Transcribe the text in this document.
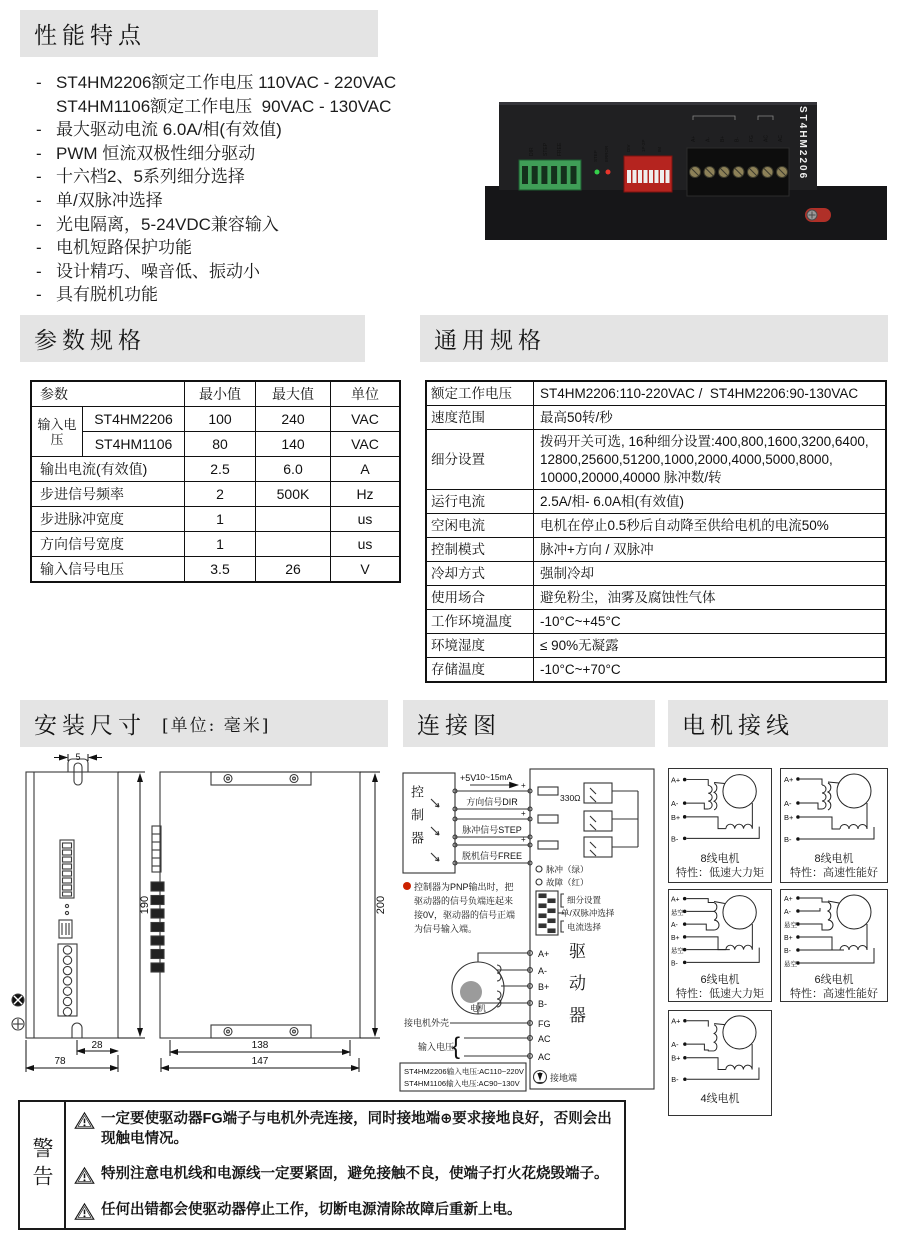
性能特点
- ST4HM2206额定工作电压 110VAC - 220VAC
ST4HM1106额定工作电压  90VAC - 130VAC
- 最大驱动电流 6.0A/相(有效值)
- PWM 恒流双极性细分驱动
- 十六档2、5系列细分选择
- 单/双脉冲选择
- 光电隔离，5-24VDC兼容输入
- 电机短路保护功能
- 设计精巧、噪音低、振动小
- 具有脱机功能
DIR STEP FREE
STEP ERROR	DIV 1P-2P IM
A+ A- B+ B- FG AC AC ST4HM2206
参数规格	通用规格
参数		最小值	最大值	单位
输入电压	ST4HM2206	100	240	VAC
	ST4HM1106	80	140	VAC
输出电流(有效值)		2.5	6.0	A
步进信号频率		2	500K	Hz
步进脉冲宽度		1		us
方向信号宽度		1		us
输入信号电压		3.5	26	V
额定工作电压	ST4HM2206:110-220VAC /  ST4HM2206:90-130VAC
速度范围	最高50转/秒
细分设置	拨码开关可选, 16种细分设置:400,800,1600,3200,6400,
12800,25600,51200,1000,2000,4000,5000,8000,
10000,20000,40000 脉冲数/转

运行电流	2.5A/相- 6.0A相(有效值)
空闲电流	电机在停止0.5秒后自动降至供给电机的电流50%
控制模式	脉冲+方向 / 双脉冲
冷却方式	强制冷却
使用场合	避免粉尘，油雾及腐蚀性气体
工作环境温度	-10°C~+45°C
环境湿度	≤ 90%无凝露
存储温度	-10°C~+70°C
安装尺寸 [单位: 毫米]	连接图	电机接线
5
190	200
28
78
138
147
+5V 10~15mA
方向信号DIR
脉冲信号STEP
脱机信号FREE
+
+
+
330Ω
脉冲（绿）
故障（红）
细分设置
单/双脉冲选择
电流选择
控制器为PNP输出时，把
驱动器的信号负端连起来
接0V，驱动器的信号正端
为信号输入端。
电机
A+
A-
B+
B-
FG
AC
AC
接电机外壳
输入电压
{
ST4HM2206输入电压:AC110~220V
ST4HM1106输入电压:AC90~130V
接地端
控制器
驱动器
A+
A-
B+
B-
8线电机
特性：低速大力矩
A+
A-
B+
B-
8线电机
特性：高速性能好
A+
悬空
A-
B+
悬空
B-
6线电机
特性：低速大力矩
A+
A-
悬空
B+
B-
悬空
6线电机
特性：高速性能好
A+
A-
B+
B-
4线电机
警告
一定要使驱动器FG端子与电机外壳连接，同时接地端⊕要求接地良好，否则会出现触电情况。
特别注意电机线和电源线一定要紧固，避免接触不良，使端子打火花烧毁端子。
任何出错都会使驱动器停止工作，切断电源清除故障后重新上电。
